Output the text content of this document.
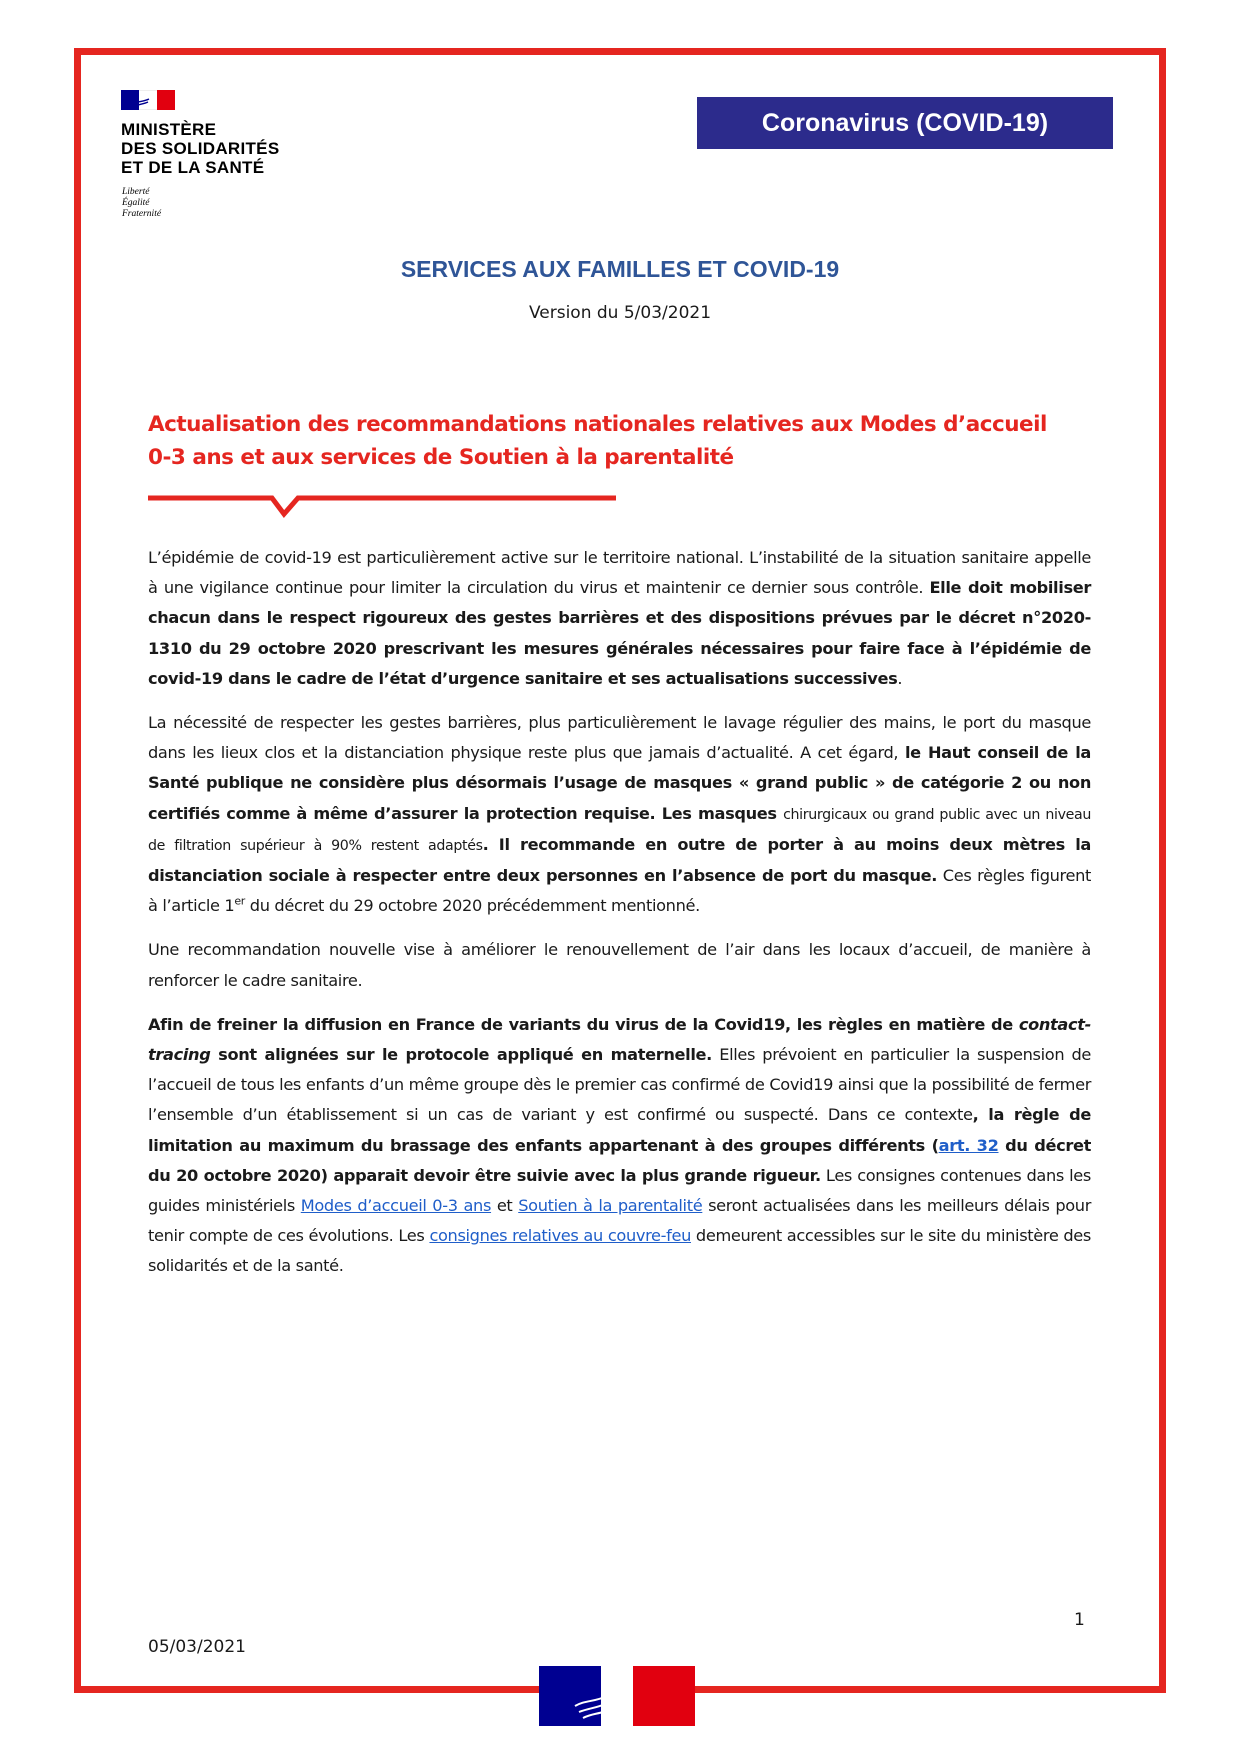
MINISTÈRE
DES SOLIDARITÉS
ET DE LA SANTÉ
Liberté
Égalité
Fraternité
Coronavirus (COVID-19)
SERVICES AUX FAMILLES ET COVID-19
Version du 5/03/2021
Actualisation des recommandations nationales relatives aux Modes d’accueil
0-3 ans et aux services de Soutien à la parentalité

L’épidémie de covid-19 est particulièrement active sur le territoire national. L’instabilité de la situation sanitaire appelle à une vigilance continue pour limiter la circulation du virus et maintenir ce dernier sous contrôle. Elle doit mobiliser chacun dans le respect rigoureux des gestes barrières et des dispositions prévues par le décret n°2020-1310 du 29 octobre 2020 prescrivant les mesures générales nécessaires pour faire face à l’épidémie de covid-19 dans le cadre de l’état d’urgence sanitaire et ses actualisations successives.

La nécessité de respecter les gestes barrières, plus particulièrement le lavage régulier des mains, le port du masque dans les lieux clos et la distanciation physique reste plus que jamais d’actualité. A cet égard, le Haut conseil de la Santé publique ne considère plus désormais l’usage de masques « grand public » de catégorie 2 ou non certifiés comme à même d’assurer la protection requise. Les masques chirurgicaux ou grand public avec un niveau de filtration supérieur à 90% restent adaptés. Il recommande en outre de porter à au moins deux mètres la distanciation sociale à respecter entre deux personnes en l’absence de port du masque. Ces règles figurent à l’article 1er du décret du 29 octobre 2020 précédemment mentionné.

Une recommandation nouvelle vise à améliorer le renouvellement de l’air dans les locaux d’accueil, de manière à renforcer le cadre sanitaire.

Afin de freiner la diffusion en France de variants du virus de la Covid19, les règles en matière de contact-tracing sont alignées sur le protocole appliqué en maternelle. Elles prévoient en particulier la suspension de l’accueil de tous les enfants d’un même groupe dès le premier cas confirmé de Covid19 ainsi que la possibilité de fermer l’ensemble d’un établissement si un cas de variant y est confirmé ou suspecté. Dans ce contexte, la règle de limitation au maximum du brassage des enfants appartenant à des groupes différents (art. 32 du décret du 20 octobre 2020) apparait devoir être suivie avec la plus grande rigueur. Les consignes contenues dans les guides ministériels Modes d’accueil 0-3 ans et Soutien à la parentalité seront actualisées dans les meilleurs délais pour tenir compte de ces évolutions. Les consignes relatives au couvre-feu demeurent accessibles sur le site du ministère des solidarités et de la santé.

1
05/03/2021
